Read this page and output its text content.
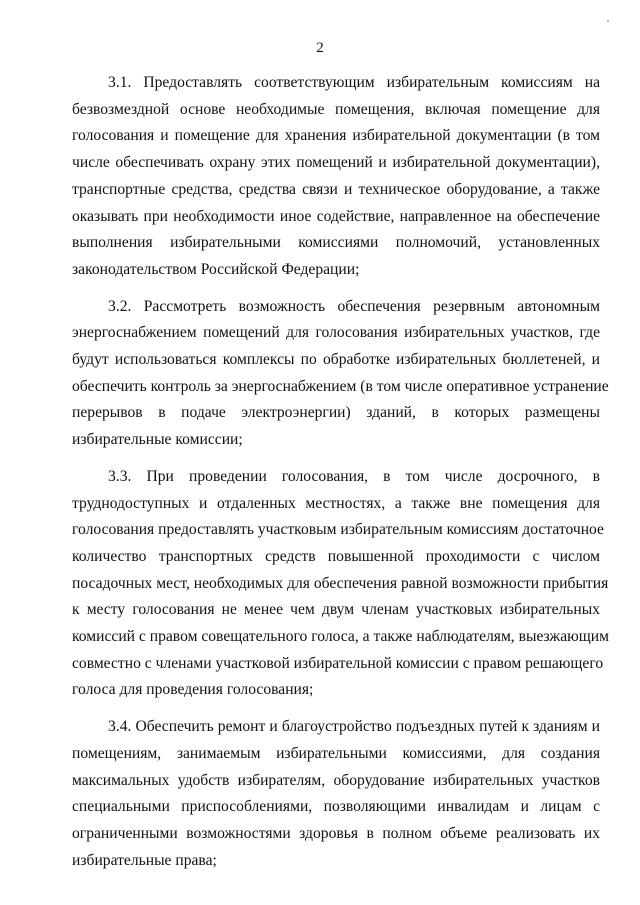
2
3.1. Предоставлять соответствующим избирательным комиссиям на
безвозмездной основе необходимые помещения, включая помещение для
голосования и помещение для хранения избирательной документации (в том
числе обеспечивать охрану этих помещений и избирательной документации),
транспортные средства, средства связи и техническое оборудование, а также
оказывать при необходимости иное содействие, направленное на обеспечение
выполнения избирательными комиссиями полномочий, установленных
законодательством Российской Федерации;
3.2. Рассмотреть возможность обеспечения резервным автономным
энергоснабжением помещений для голосования избирательных участков, где
будут использоваться комплексы по обработке избирательных бюллетеней, и
обеспечить контроль за энергоснабжением (в том числе оперативное устранение
перерывов в подаче электроэнергии) зданий, в которых размещены
избирательные комиссии;
3.3. При проведении голосования, в том числе досрочного, в
труднодоступных и отдаленных местностях, а также вне помещения для
голосования предоставлять участковым избирательным комиссиям достаточное
количество транспортных средств повышенной проходимости с числом
посадочных мест, необходимых для обеспечения равной возможности прибытия
к месту голосования не менее чем двум членам участковых избирательных
комиссий с правом совещательного голоса, а также наблюдателям, выезжающим
совместно с членами участковой избирательной комиссии с правом решающего
голоса для проведения голосования;
3.4. Обеспечить ремонт и благоустройство подъездных путей к зданиям и
помещениям, занимаемым избирательными комиссиями, для создания
максимальных удобств избирателям, оборудование избирательных участков
специальными приспособлениями, позволяющими инвалидам и лицам с
ограниченными возможностями здоровья в полном объеме реализовать их
избирательные права;
